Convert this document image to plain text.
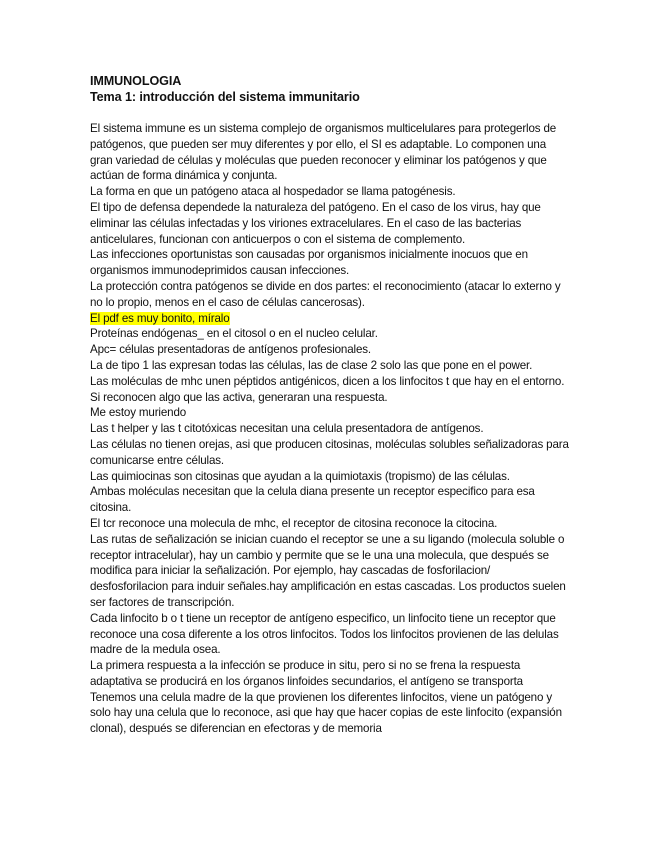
IMMUNOLOGIA

Tema 1: introducción del sistema immunitario

El sistema immune es un sistema complejo de organismos multicelulares para protegerlos de patógenos, que pueden ser muy diferentes y por ello, el SI es adaptable. Lo componen una gran variedad de células y moléculas que pueden reconocer y eliminar los patógenos y que actúan de forma dinámica y conjunta.

La forma en que un patógeno ataca al hospedador se llama patogénesis.

El tipo de defensa dependede la naturaleza del patógeno. En el caso de los virus, hay que eliminar las células infectadas y los viriones extracelulares. En el caso de las bacterias anticelulares, funcionan con anticuerpos o con el sistema de complemento.

Las infecciones oportunistas son causadas por organismos inicialmente inocuos que en organismos immunodeprimidos causan infecciones.

La protección contra patógenos se divide en dos partes: el reconocimiento (atacar lo externo y no lo propio, menos en el caso de células cancerosas).

El pdf es muy bonito, míralo

Proteínas endógenas_ en el citosol o en el nucleo celular.

Apc= células presentadoras de antígenos profesionales.

La de tipo 1 las expresan todas las células, las de clase 2 solo las que pone en el power.

Las moléculas de mhc unen péptidos antigénicos, dicen a los linfocitos t que hay en el entorno. Si reconocen algo que las activa, generaran una respuesta.

Me estoy muriendo

Las t helper y las t citotóxicas necesitan una celula presentadora de antígenos.

Las células no tienen orejas, asi que producen citosinas, moléculas solubles señalizadoras para comunicarse entre células.

Las quimiocinas son citosinas que ayudan a la quimiotaxis (tropismo) de las células.

Ambas moléculas necesitan que la celula diana presente un receptor especifico para esa citosina.

El tcr reconoce una molecula de mhc, el receptor de citosina reconoce la citocina.

Las rutas de señalización se inician cuando el receptor se une a su ligando (molecula soluble o receptor intracelular), hay un cambio y permite que se le una una molecula, que después se modifica para iniciar la señalización. Por ejemplo, hay cascadas de fosforilacion/ desfosforilacion para induir señales.hay amplificación en estas cascadas. Los productos suelen ser factores de transcripción.

Cada linfocito b o t tiene un receptor de antígeno especifico, un linfocito tiene un receptor que reconoce una cosa diferente a los otros linfocitos. Todos los linfocitos provienen de las delulas madre de la medula osea.

La primera respuesta a la infección se produce in situ, pero si no se frena la respuesta adaptativa se producirá en los órganos linfoides secundarios, el antígeno se transporta

Tenemos una celula madre de la que provienen los diferentes linfocitos, viene un patógeno y solo hay una celula que lo reconoce, asi que hay que hacer copias de este linfocito (expansión clonal), después se diferencian en efectoras y de memoria
